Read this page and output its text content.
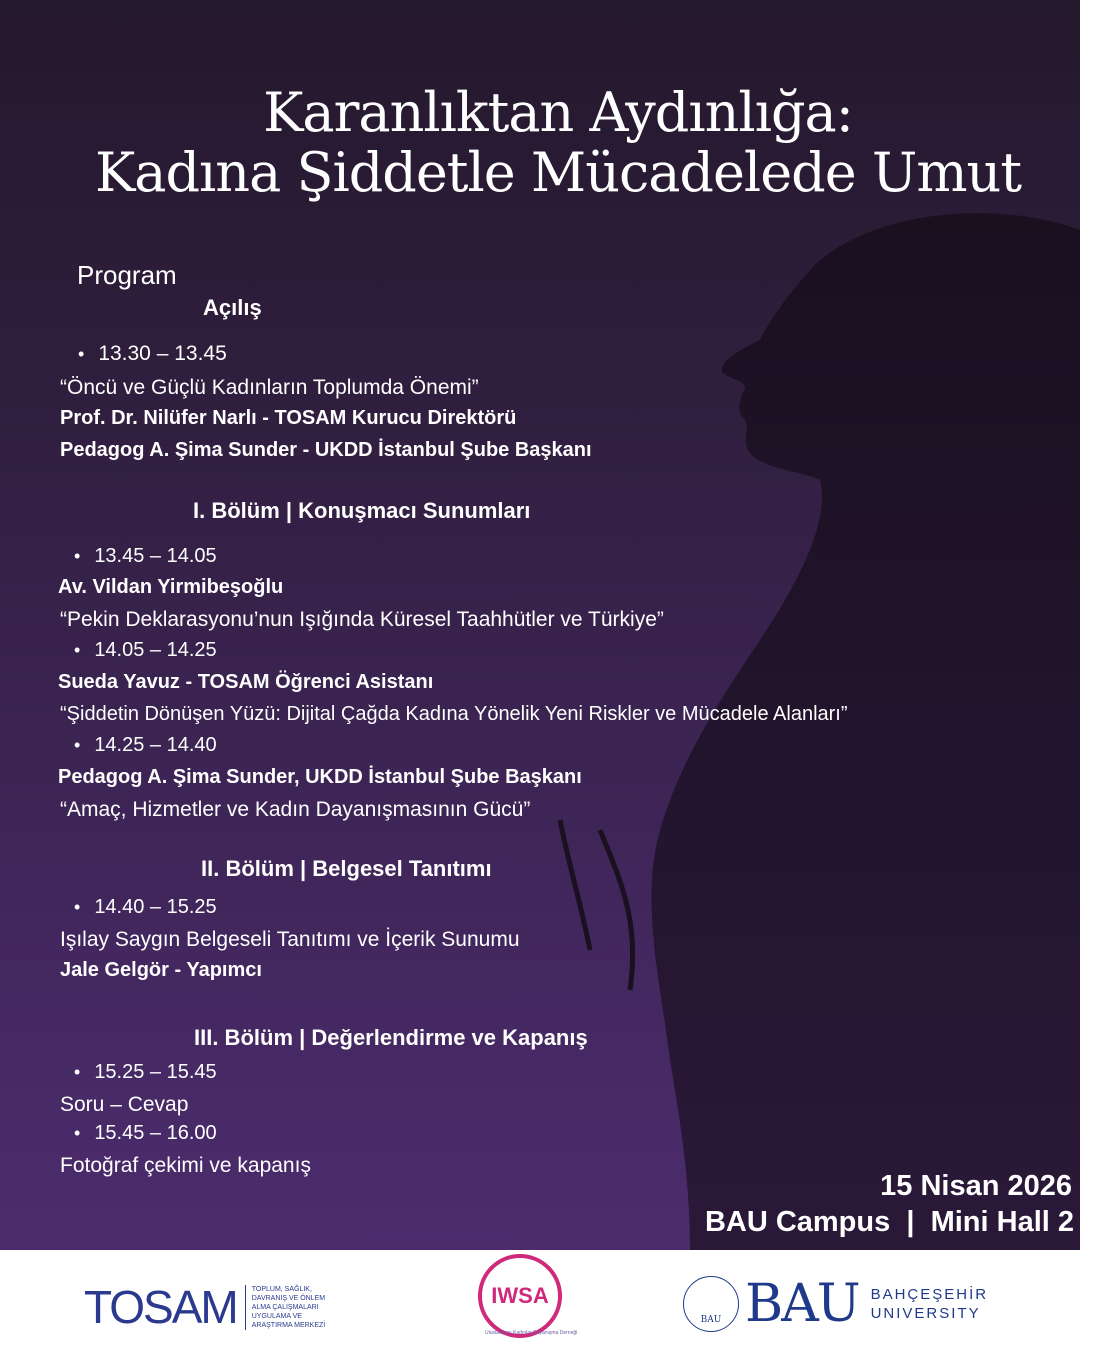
Karanlıktan Aydınlığa:
Kadına Şiddetle Mücadelede Umut
Program
Açılış
• 13.30 – 13.45
“Öncü ve Güçlü Kadınların Toplumda Önemi”
Prof. Dr. Nilüfer Narlı - TOSAM Kurucu Direktörü
Pedagog A. Şima Sunder - UKDD İstanbul Şube Başkanı
I. Bölüm | Konuşmacı Sunumları
• 13.45 – 14.05
Av. Vildan Yirmibeşoğlu
“Pekin Deklarasyonu’nun Işığında Küresel Taahhütler ve Türkiye”
• 14.05 – 14.25
Sueda Yavuz - TOSAM Öğrenci Asistanı
“Şiddetin Dönüşen Yüzü: Dijital Çağda Kadına Yönelik Yeni Riskler ve Mücadele Alanları”
• 14.25 – 14.40
Pedagog A. Şima Sunder, UKDD İstanbul Şube Başkanı
“Amaç, Hizmetler ve Kadın Dayanışmasının Gücü”
II. Bölüm | Belgesel Tanıtımı
• 14.40 – 15.25
Işılay Saygın Belgeseli Tanıtımı ve İçerik Sunumu
Jale Gelgör - Yapımcı
III. Bölüm | Değerlendirme ve Kapanış
• 15.25 – 15.45
Soru – Cevap
• 15.45 – 16.00
Fotoğraf çekimi ve kapanış
15 Nisan 2026
BAU Campus  |  Mini Hall 2
TOSAM TOPLUM, SAĞLIK,
DAVRANIŞ VE ÖNLEM
ALMA ÇALIŞMALARI
UYGULAMA VE
ARAŞTIRMA MERKEZİ
IWSA
Uluslararası Kadınlar Dayanışma Derneği
BAU BAU BAHÇEŞEHİR
UNIVERSITY
